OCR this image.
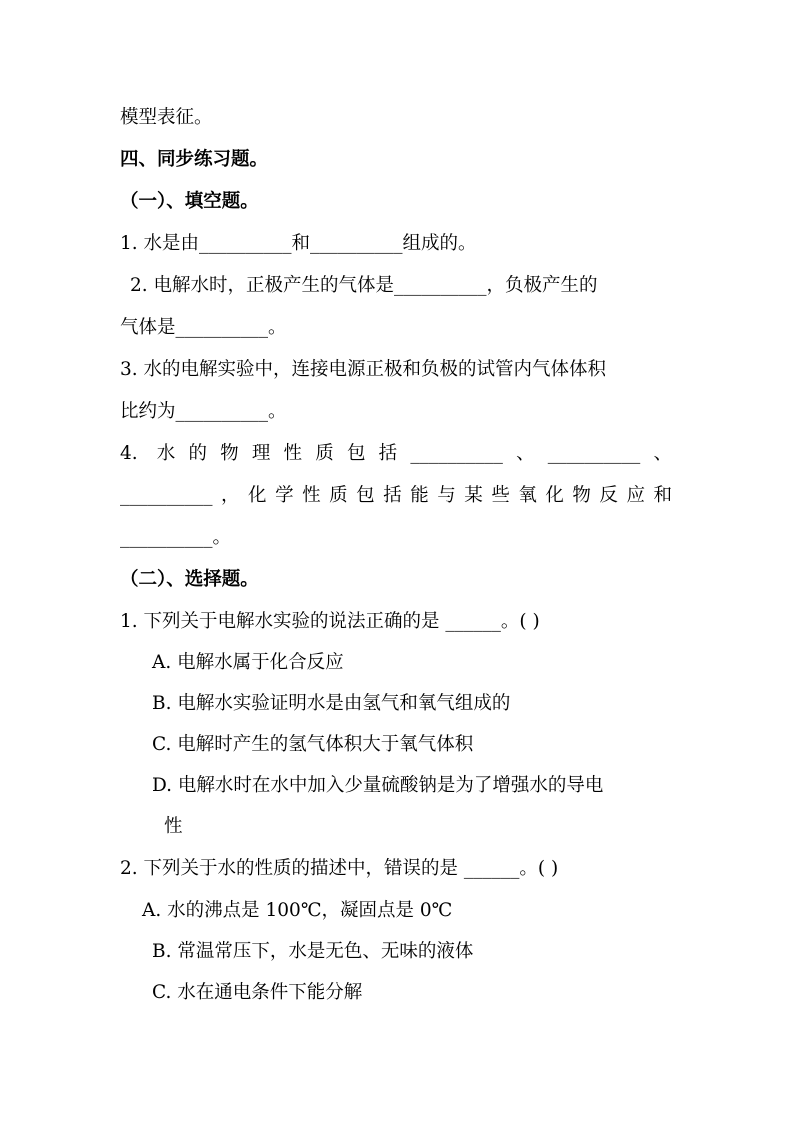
模型表征。
四、同步练习题。
（一）、填空题。
1. 水是由__________和__________组成的。
2. 电解水时，正极产生的气体是__________，负极产生的
气体是__________。
3. 水的电解实验中，连接电源正极和负极的试管内气体体积
比约为__________。
4. 水的物理性质包括__________、__________、
__________，化学性质包括能与某些氧化物反应和
__________。
（二）、选择题。
1. 下列关于电解水实验的说法正确的是 ______。( )
A. 电解水属于化合反应
B. 电解水实验证明水是由氢气和氧气组成的
C. 电解时产生的氢气体积大于氧气体积
D. 电解水时在水中加入少量硫酸钠是为了增强水的导电
性
2. 下列关于水的性质的描述中，错误的是 ______。( )
A. 水的沸点是 100℃，凝固点是 0℃
B. 常温常压下，水是无色、无味的液体
C. 水在通电条件下能分解
